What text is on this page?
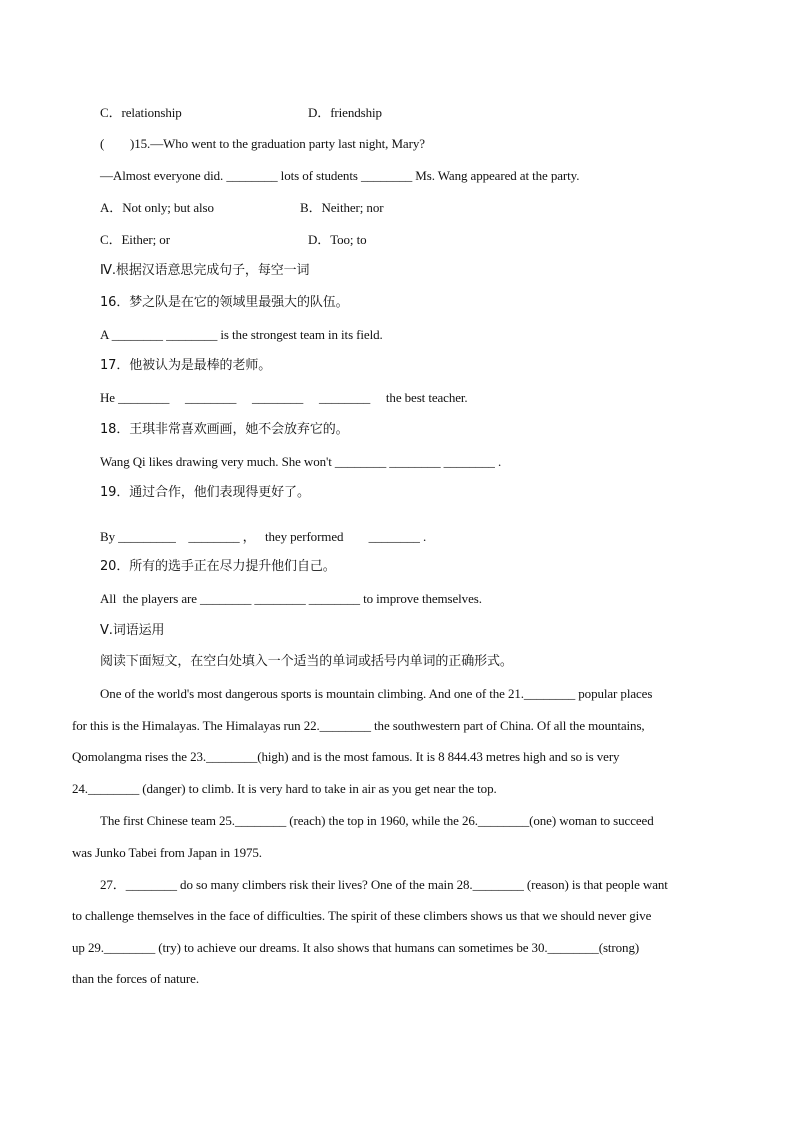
C．relationship	D．friendship
(　　)15.—Who went to the graduation party last night, Mary?
—Almost everyone did. ________ lots of students ________ Ms. Wang appeared at the party.
A．Not only; but also	B．Neither; nor
C．Either; or	D．Too; to
Ⅳ.根据汉语意思完成句子，每空一词
16．梦之队是在它的领域里最强大的队伍。
A ________ ________ is the strongest team in its field.
17．他被认为是最棒的老师。
He ________     ________     ________     ________     the best teacher.
18．王琪非常喜欢画画，她不会放弃它的。
Wang Qi likes drawing very much. She won't ________ ________ ________ .
19．通过合作，他们表现得更好了。
By _________    ________ ，   they performed        ________ .
20．所有的选手正在尽力提升他们自己。
All  the players are ________ ________ ________ to improve themselves.
Ⅴ.词语运用
阅读下面短文，在空白处填入一个适当的单词或括号内单词的正确形式。
One of the world's most dangerous sports is mountain climbing. And one of the 21.________ popular places
for this is the Himalayas. The Himalayas run 22.________ the southwestern part of China. Of all the mountains,
Qomolangma rises the 23.________(high) and is the most famous. It is 8 844.43 metres high and so is very
24.________ (danger) to climb. It is very hard to take in air as you get near the top.
The first Chinese team 25.________ (reach) the top in 1960, while the 26.________(one) woman to succeed
was Junko Tabei from Japan in 1975.
27．________ do so many climbers risk their lives? One of the main 28.________ (reason) is that people want
to challenge themselves in the face of difficulties. The spirit of these climbers shows us that we should never give
up 29.________ (try) to achieve our dreams. It also shows that humans can sometimes be 30.________(strong)
than the forces of nature.
